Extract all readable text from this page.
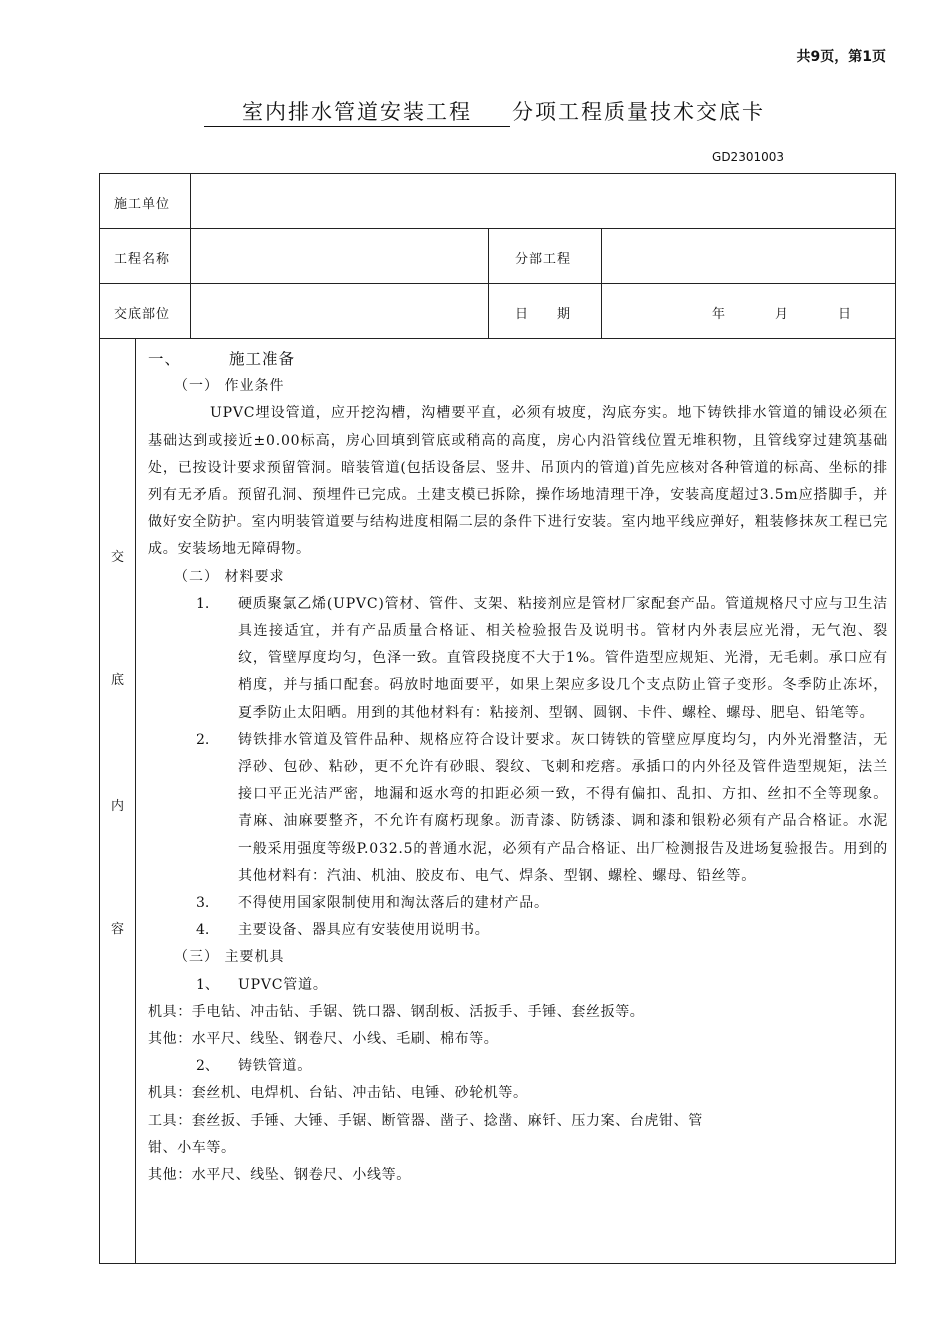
共9页，第1页
室内排水管道安装工程	分项工程质量技术交底卡
GD2301003
施工单位
工程名称	分部工程
交底部位	日　　期	年	月	日
交
底
内
容

一、	施工准备

（一） 作业条件

UPVC埋设管道，应开挖沟槽，沟槽要平直，必须有坡度，沟底夯实。地下铸铁排水管道的铺设必须在基础达到或接近±0.00标高，房心回填到管底或稍高的高度，房心内沿管线位置无堆积物，且管线穿过建筑基础处，已按设计要求预留管洞。暗装管道(包括设备层、竖井、吊顶内的管道)首先应核对各种管道的标高、坐标的排列有无矛盾。预留孔洞、预埋件已完成。土建支模已拆除，操作场地清理干净，安装高度超过3.5m应搭脚手，并做好安全防护。室内明装管道要与结构进度相隔二层的条件下进行安装。室内地平线应弹好，粗装修抹灰工程已完成。安装场地无障碍物。

（二） 材料要求

1.	硬质聚氯乙烯(UPVC)管材、管件、支架、粘接剂应是管材厂家配套产品。管道规格尺寸应与卫生洁具连接适宜，并有产品质量合格证、相关检验报告及说明书。管材内外表层应光滑，无气泡、裂纹，管壁厚度均匀，色泽一致。直管段挠度不大于1%。管件造型应规矩、光滑，无毛刺。承口应有梢度，并与插口配套。码放时地面要平，如果上架应多设几个支点防止管子变形。冬季防止冻坏，夏季防止太阳晒。用到的其他材料有：粘接剂、型钢、圆钢、卡件、螺栓、螺母、肥皂、铅笔等。
2.	铸铁排水管道及管件品种、规格应符合设计要求。灰口铸铁的管壁应厚度均匀，内外光滑整洁，无浮砂、包砂、粘砂，更不允许有砂眼、裂纹、飞刺和疙瘩。承插口的内外径及管件造型规矩，法兰接口平正光洁严密，地漏和返水弯的扣距必须一致，不得有偏扣、乱扣、方扣、丝扣不全等现象。青麻、油麻要整齐，不允许有腐朽现象。沥青漆、防锈漆、调和漆和银粉必须有产品合格证。水泥一般采用强度等级P.032.5的普通水泥，必须有产品合格证、出厂检测报告及进场复验报告。用到的其他材料有：汽油、机油、胶皮布、电气、焊条、型钢、螺栓、螺母、铅丝等。
3.	不得使用国家限制使用和淘汰落后的建材产品。
4.	主要设备、器具应有安装使用说明书。

（三） 主要机具

1、	UPVC管道。

机具：手电钻、冲击钻、手锯、铣口器、钢刮板、活扳手、手锤、套丝扳等。

其他：水平尺、线坠、钢卷尺、小线、毛刷、棉布等。

2、	铸铁管道。

机具：套丝机、电焊机、台钻、冲击钻、电锤、砂轮机等。

工具：套丝扳、手锤、大锤、手锯、断管器、凿子、捻凿、麻钎、压力案、台虎钳、管

钳、小车等。

其他：水平尺、线坠、钢卷尺、小线等。
